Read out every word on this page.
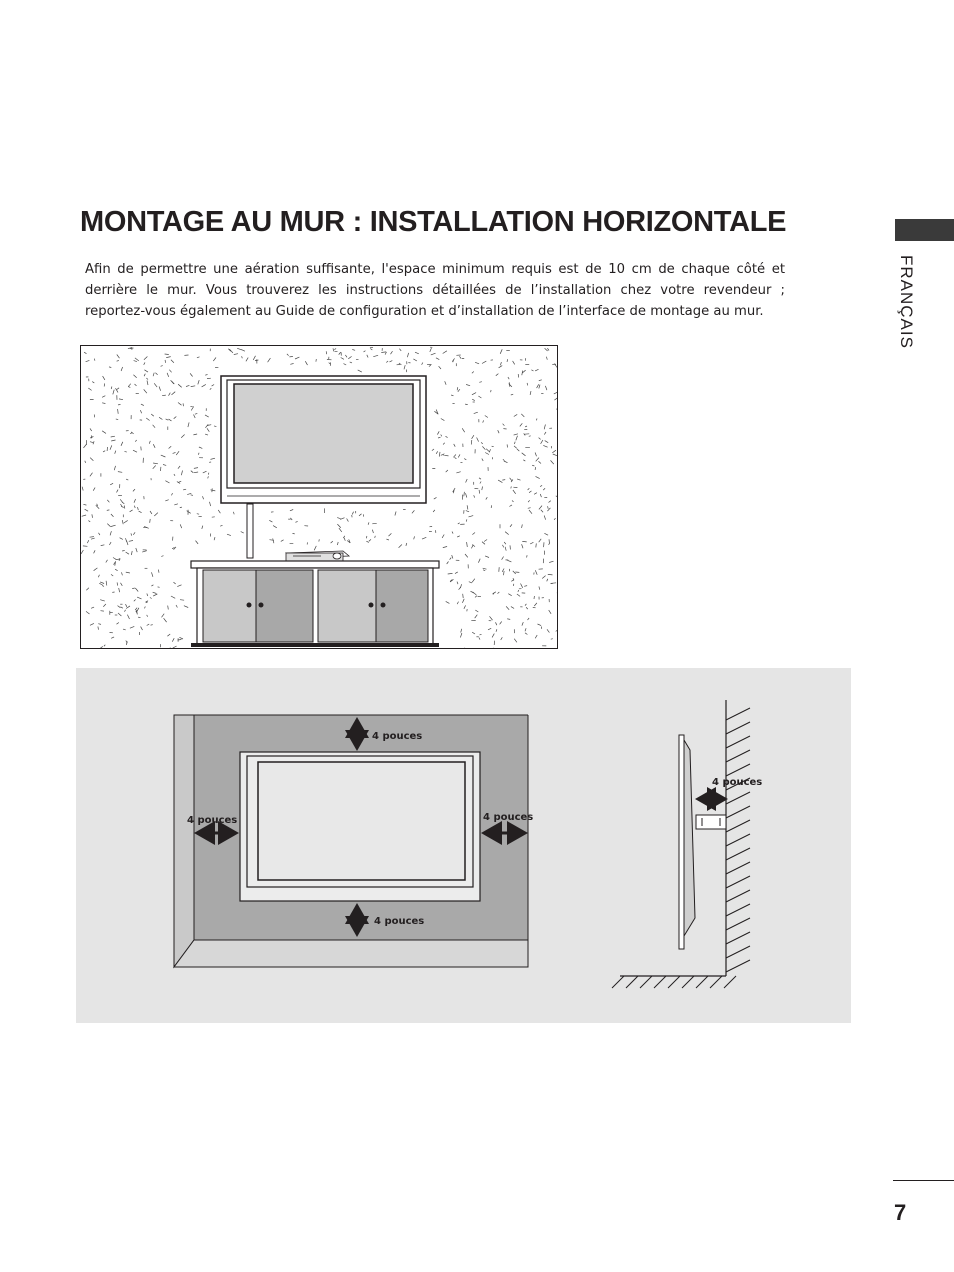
MONTAGE AU MUR : INSTALLATION HORIZONTALE

Afin de permettre une aération suffisante, l'espace minimum requis est de 10 cm de chaque côté et derrière le mur. Vous trouverez les instructions détaillées de l’installation chez votre revendeur ; reportez-vous également au Guide de configuration et d’installation de l’interface de montage au mur.	FRANÇAIS
4 pouces
4 pouces
4 pouces	4 pouces
4 pouces
7
